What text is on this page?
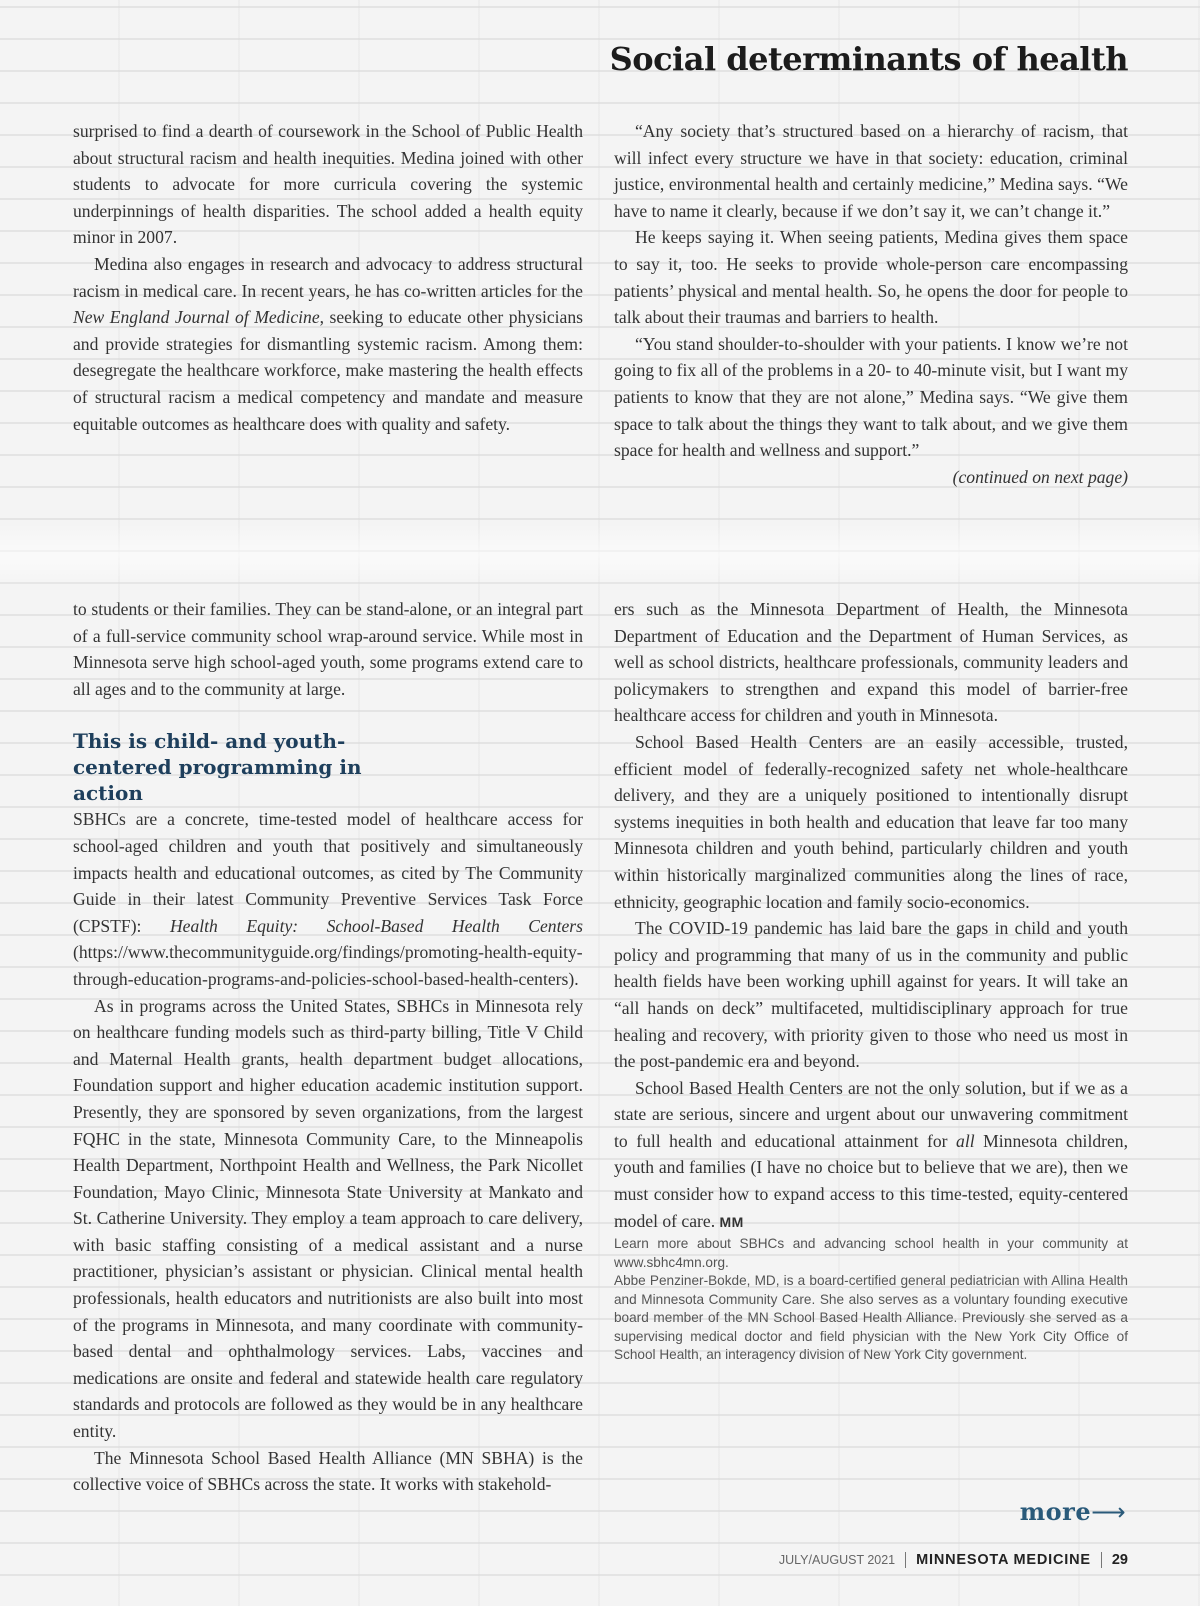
Social determinants of health

surprised to find a dearth of coursework in the School of Public Health about structural racism and health inequities. Medina joined with other students to advocate for more curricula covering the systemic underpinnings of health disparities. The school added a health equity minor in 2007.

Medina also engages in research and advocacy to address structural racism in medical care. In recent years, he has co-written articles for the New England Journal of Medicine, seeking to educate other physicians and provide strategies for dismantling systemic racism. Among them: desegregate the healthcare workforce, make mastering the health effects of structural racism a medical competency and mandate and measure equitable outcomes as healthcare does with quality and safety.

“Any society that’s structured based on a hierarchy of racism, that will infect every structure we have in that society: education, criminal justice, environmental health and certainly medicine,” Medina says. “We have to name it clearly, because if we don’t say it, we can’t change it.”

He keeps saying it. When seeing patients, Medina gives them space to say it, too. He seeks to provide whole-person care encompassing patients’ physical and mental health. So, he opens the door for people to talk about their traumas and barriers to health.

“You stand shoulder-to-shoulder with your patients. I know we’re not going to fix all of the problems in a 20- to 40-minute visit, but I want my patients to know that they are not alone,” Medina says. “We give them space to talk about the things they want to talk about, and we give them space for health and wellness and support.”

(continued on next page)

to students or their families. They can be stand-alone, or an integral part of a full-service community school wrap-around service. While most in Minnesota serve high school-aged youth, some programs extend care to all ages and to the community at large.

This is child- and youth-centered programming in action

SBHCs are a concrete, time-tested model of healthcare access for school-aged children and youth that positively and simultaneously impacts health and educational outcomes, as cited by The Community Guide in their latest Community Preventive Services Task Force (CPSTF): Health Equity: School-Based Health Centers (https://www.thecommunityguide.org/findings/promoting-health-equity-through-education-programs-and-policies-school-based-health-centers).

As in programs across the United States, SBHCs in Minnesota rely on healthcare funding models such as third-party billing, Title V Child and Maternal Health grants, health department budget allocations, Foundation support and higher education academic institution support. Presently, they are sponsored by seven organizations, from the largest FQHC in the state, Minnesota Community Care, to the Minneapolis Health Department, Northpoint Health and Wellness, the Park Nicollet Foundation, Mayo Clinic, Minnesota State University at Mankato and St. Catherine University. They employ a team approach to care delivery, with basic staffing consisting of a medical assistant and a nurse practitioner, physician’s assistant or physician. Clinical mental health professionals, health educators and nutritionists are also built into most of the programs in Minnesota, and many coordinate with community-based dental and ophthalmology services. Labs, vaccines and medications are onsite and federal and statewide health care regulatory standards and protocols are followed as they would be in any healthcare entity.

The Minnesota School Based Health Alliance (MN SBHA) is the collective voice of SBHCs across the state. It works with stakehold-

ers such as the Minnesota Department of Health, the Minnesota Department of Education and the Department of Human Services, as well as school districts, healthcare professionals, community leaders and policymakers to strengthen and expand this model of barrier-free healthcare access for children and youth in Minnesota.

School Based Health Centers are an easily accessible, trusted, efficient model of federally-recognized safety net whole-healthcare delivery, and they are a uniquely positioned to intentionally disrupt systems inequities in both health and education that leave far too many Minnesota children and youth behind, particularly children and youth within historically marginalized communities along the lines of race, ethnicity, geographic location and family socio-economics.

The COVID-19 pandemic has laid bare the gaps in child and youth policy and programming that many of us in the community and public health fields have been working uphill against for years. It will take an “all hands on deck” multifaceted, multidisciplinary approach for true healing and recovery, with priority given to those who need us most in the post-pandemic era and beyond.

School Based Health Centers are not the only solution, but if we as a state are serious, sincere and urgent about our unwavering commitment to full health and educational attainment for all Minnesota children, youth and families (I have no choice but to believe that we are), then we must consider how to expand access to this time-tested, equity-centered model of care. MM

Learn more about SBHCs and advancing school health in your community at www.sbhc4mn.org.

Abbe Penziner-Bokde, MD, is a board-certified general pediatrician with Allina Health and Minnesota Community Care. She also serves as a voluntary founding executive board member of the MN School Based Health Alliance. Previously she served as a supervising medical doctor and field physician with the New York City Office of School Health, an interagency division of New York City government.

more⟶
JULY/AUGUST 2021 MINNESOTA MEDICINE 29
